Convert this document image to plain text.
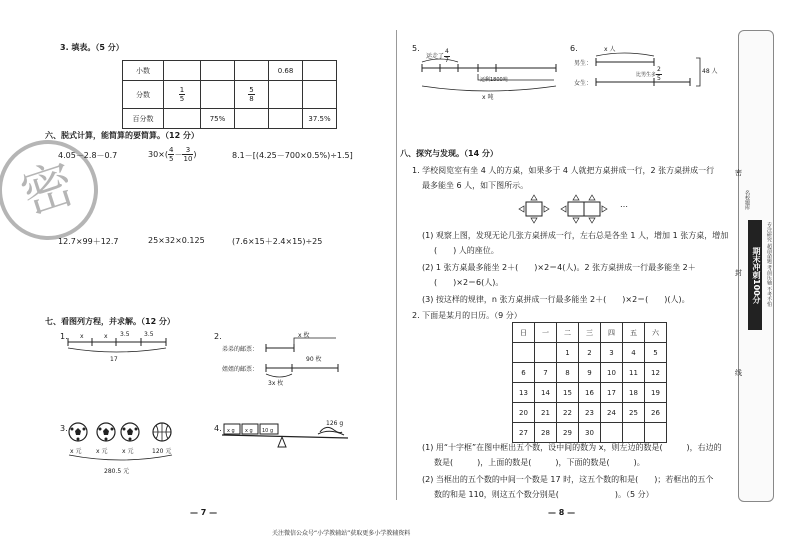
密
3. 填表。（5 分）
小数				0.68	
分数	$\frac{1}{5}$		$\frac{5}{8}$

百分数		75%			37.5%
六、脱式计算，能简算的要简算。（12 分）
4.05－2.8－0.7	$30\times( \frac{4}{5} - \frac{3}{10}$ )	8.1－[(4.25－700×0.5%)÷1.5]
12.7×99＋12.7	25×32×0.125	(7.6×15＋2.4×15)÷25
七、看图列方程，并求解。（12 分）
1. x	x 3.5 3.5
17
2.
弟弟的邮票：
姐姐的邮票：
x 枚
90 枚
3x 枚
3.
x 元 x 元 x 元	120 元
280.5 元
4. x g x g 10 g
126 g
— 7 —
5.
运走了 $\frac{4}{7}$
还剩1800吨
x 吨
6.	x 人
男生：
女生：
比男生多 $\frac{2}{5}$	48 人
八、探究与发现。（14 分）
1. 学校阅览室有坐 4 人的方桌，如果多于 4 人就把方桌拼成一行，2 张方桌拼成一行
最多能坐 6 人，如下图所示。
…
(1) 观察上图，发现无论几张方桌拼成一行，左右总是各坐 1 人，增加 1 张方桌，增加
(　　) 人的座位。
(2) 1 张方桌最多能坐 2＋(　　)×2＝4(人)。2 张方桌拼成一行最多能坐 2＋
(　　)×2＝6(人)。
(3) 按这样的规律，n 张方桌拼成一行最多能坐 2＋(　　)×2＝(　　)(人)。
2. 下面是某月的日历。（9 分）
日	一	二	三	四	五	六
		1	2	3	4	5
6	7	8	9	10	11	12
13	14	15	16	17	18	19
20	21	22	23	24	25	26
27	28	29	30			
(1) 用“十字框”在图中框出五个数，设中间的数为 x，则左边的数是(　　　)，右边的
数是(　　　)，上面的数是(　　　)，下面的数是(　　　)。
(2) 当框出的五个数的中间一个数是 17 时，这五个数的和是(　　)；若框出的五个
数的和是 110，则这五个数分别是(　　　　　　　)。（5 分）
— 8 —
密
封
线
名校题库
期末冲刺100分 专注研究 超前命题 考前压轴 不考不怕
关注微信公众号“小学教辅站”获取更多小学教辅资料
